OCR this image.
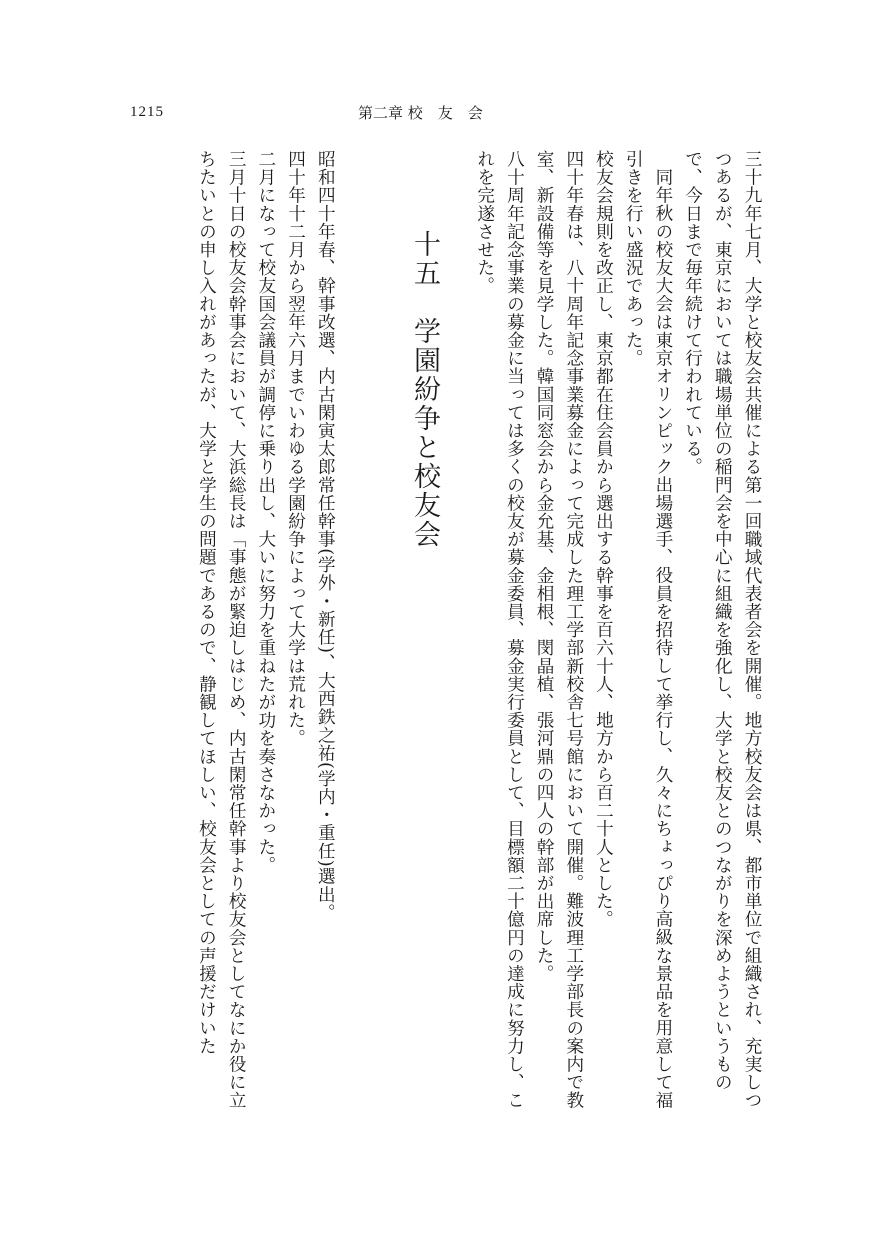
1215	第二章 校　友　会

三十九年七月、大学と校友会共催による第一回職域代表者会を開催。地方校友会は県、都市単位で組織され、充実しつつあるが、東京においては職場単位の稲門会を中心に組織を強化し、大学と校友とのつながりを深めようというもので、今日まで毎年続けて行われている。

同年秋の校友大会は東京オリンピック出場選手、役員を招待して挙行し、久々にちょっぴり高級な景品を用意して福引きを行い盛況であった。

校友会規則を改正し、東京都在住会員から選出する幹事を百六十人、地方から百二十人とした。

四十年春は、八十周年記念事業募金によって完成した理工学部新校舎七号館において開催。難波理工学部長の案内で教室、新設備等を見学した。韓国同窓会から金允基、金相根、閔晶植、張河鼎の四人の幹部が出席した。

八十周年記念事業の募金に当っては多くの校友が募金委員、募金実行委員として、目標額二十億円の達成に努力し、これを完遂させた。

十五　学園紛争と校友会

昭和四十年春、幹事改選、内古閑寅太郎常任幹事(学外・新任)、大西鉄之祐(学内・重任)選出。

四十年十二月から翌年六月までいわゆる学園紛争によって大学は荒れた。

二月になって校友国会議員が調停に乗り出し、大いに努力を重ねたが功を奏さなかった。

三月十日の校友会幹事会において、大浜総長は「事態が緊迫しはじめ、内古閑常任幹事より校友会としてなにか役に立ちたいとの申し入れがあったが、大学と学生の問題であるので、静観してほしい、校友会としての声援だけいた
